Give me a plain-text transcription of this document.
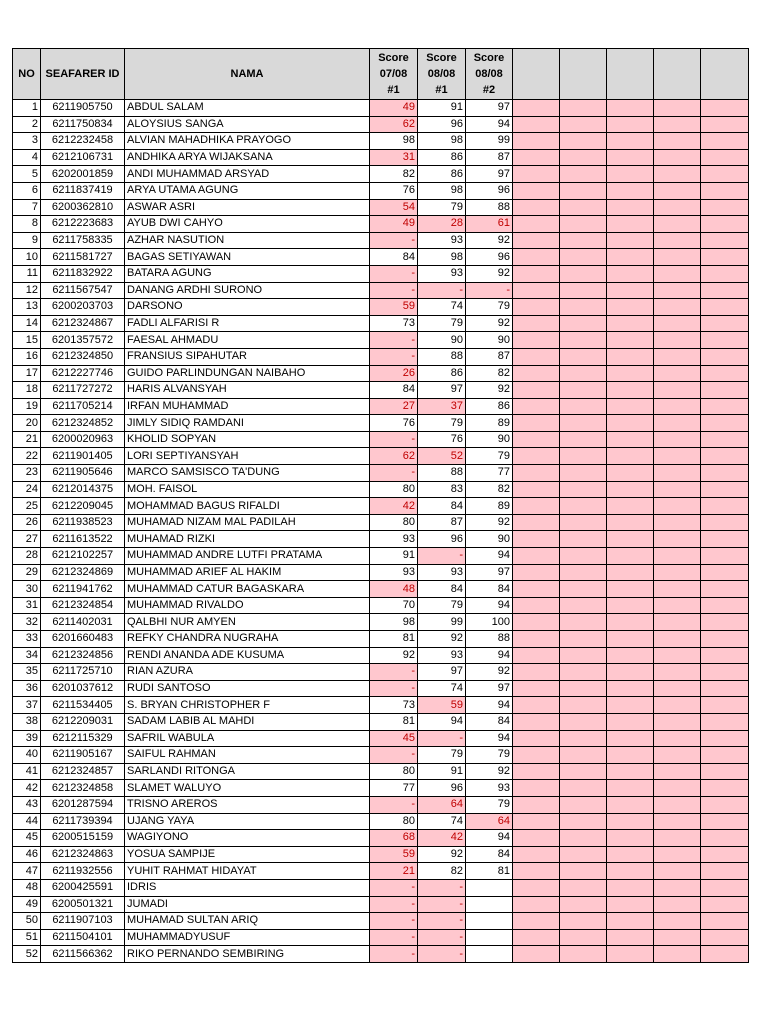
NO	SEAFARER ID	NAMA	Score
07/08
#1	Score
08/08
#1	Score
08/08
#2					
1	6211905750	ABDUL SALAM	49	91	97					
2	6211750834	ALOYSIUS SANGA	62	96	94					
3	6212232458	ALVIAN MAHADHIKA PRAYOGO	98	98	99					
4	6212106731	ANDHIKA ARYA WIJAKSANA	31	86	87					
5	6202001859	ANDI MUHAMMAD ARSYAD	82	86	97					
6	6211837419	ARYA UTAMA AGUNG	76	98	96					
7	6200362810	ASWAR ASRI	54	79	88					
8	6212223683	AYUB DWI CAHYO	49	28	61					
9	6211758335	AZHAR NASUTION	-	93	92					
10	6211581727	BAGAS SETIYAWAN	84	98	96					
11	6211832922	BATARA AGUNG	-	93	92					
12	6211567547	DANANG ARDHI SURONO	-	-	-					
13	6200203703	DARSONO	59	74	79					
14	6212324867	FADLI ALFARISI R	73	79	92					
15	6201357572	FAESAL AHMADU	-	90	90					
16	6212324850	FRANSIUS SIPAHUTAR	-	88	87					
17	6212227746	GUIDO PARLINDUNGAN NAIBAHO	26	86	82					
18	6211727272	HARIS ALVANSYAH	84	97	92					
19	6211705214	IRFAN MUHAMMAD	27	37	86					
20	6212324852	JIMLY SIDIQ RAMDANI	76	79	89					
21	6200020963	KHOLID SOPYAN	-	76	90					
22	6211901405	LORI SEPTIYANSYAH	62	52	79					
23	6211905646	MARCO SAMSISCO TA'DUNG	-	88	77					
24	6212014375	MOH. FAISOL	80	83	82					
25	6212209045	MOHAMMAD BAGUS RIFALDI	42	84	89					
26	6211938523	MUHAMAD NIZAM MAL PADILAH	80	87	92					
27	6211613522	MUHAMAD RIZKI	93	96	90					
28	6212102257	MUHAMMAD ANDRE LUTFI PRATAMA	91	-	94					
29	6212324869	MUHAMMAD ARIEF AL HAKIM	93	93	97					
30	6211941762	MUHAMMAD CATUR BAGASKARA	48	84	84					
31	6212324854	MUHAMMAD RIVALDO	70	79	94					
32	6211402031	QALBHI NUR AMYEN	98	99	100					
33	6201660483	REFKY CHANDRA NUGRAHA	81	92	88					
34	6212324856	RENDI ANANDA ADE KUSUMA	92	93	94					
35	6211725710	RIAN AZURA	-	97	92					
36	6201037612	RUDI SANTOSO	-	74	97					
37	6211534405	S. BRYAN CHRISTOPHER F	73	59	94					
38	6212209031	SADAM LABIB AL MAHDI	81	94	84					
39	6212115329	SAFRIL WABULA	45	-	94					
40	6211905167	SAIFUL RAHMAN	-	79	79					
41	6212324857	SARLANDI RITONGA	80	91	92					
42	6212324858	SLAMET WALUYO	77	96	93					
43	6201287594	TRISNO AREROS	-	64	79					
44	6211739394	UJANG YAYA	80	74	64					
45	6200515159	WAGIYONO	68	42	94					
46	6212324863	YOSUA SAMPIJE	59	92	84					
47	6211932556	YUHIT RAHMAT HIDAYAT	21	82	81					
48	6200425591	IDRIS	-	-						
49	6200501321	JUMADI	-	-						
50	6211907103	MUHAMAD SULTAN ARIQ	-	-						
51	6211504101	MUHAMMADYUSUF	-	-						
52	6211566362	RIKO PERNANDO SEMBIRING	-	-						
